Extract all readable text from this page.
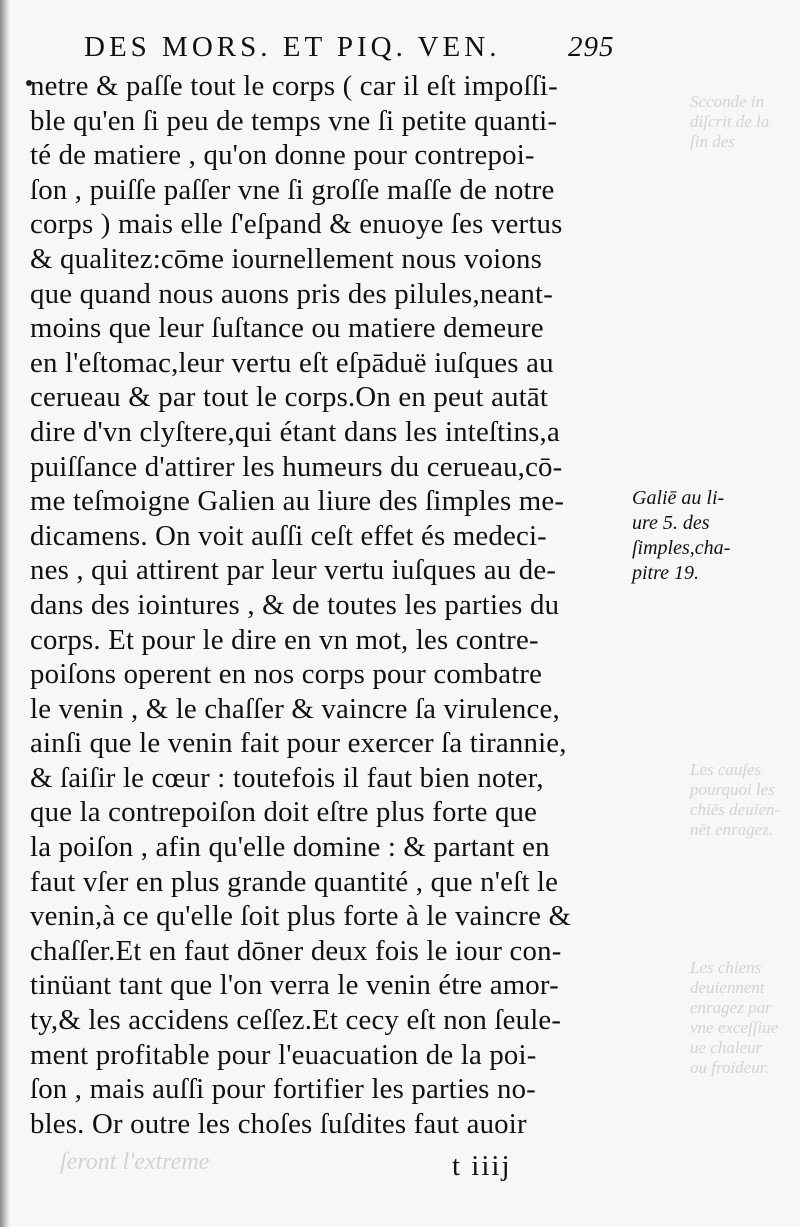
Scconde in
diſcrit de la
ſin des
Les cauſes
pourquoi les
chiēs deuien-
nēt enragez.
Les chiens
deuiennent
enragez par
vne exceſſiue
ue chaleur
ou froideur.
ſeront l'extreme
DES MORS. ET PIQ. VEN. 295
netre & paſſe tout le corps ( car il eſt impoſſi-
ble qu'en ſi peu de temps vne ſi petite quanti-
té de matiere , qu'on donne pour contrepoi-
ſon , puiſſe paſſer vne ſi groſſe maſſe de notre
corps ) mais elle ſ'eſpand & enuoye ſes vertus
& qualitez:cōme iournellement nous voions
que quand nous auons pris des pilules,neant-
moins que leur ſuſtance ou matiere demeure
en l'eſtomac,leur vertu eſt eſpāduë iuſques au
cerueau & par tout le corps.On en peut autāt
dire d'vn clyſtere,qui étant dans les inteſtins,a
puiſſance d'attirer les humeurs du cerueau,cō-
me teſmoigne Galien au liure des ſimples me-
dicamens. On voit auſſi ceſt effet és medeci-
nes , qui attirent par leur vertu iuſques au de-
dans des iointures , & de toutes les parties du
corps. Et pour le dire en vn mot, les contre-
poiſons operent en nos corps pour combatre
le venin , & le chaſſer & vaincre ſa virulence,
ainſi que le venin fait pour exercer ſa tirannie,
& ſaiſir le cœur : toutefois il faut bien noter,
que la contrepoiſon doit eſtre plus forte que
la poiſon , afin qu'elle domine : & partant en
faut vſer en plus grande quantité , que n'eſt le
venin,à ce qu'elle ſoit plus forte à le vaincre &
chaſſer.Et en faut dōner deux fois le iour con-
tinüant tant que l'on verra le venin étre amor-
ty,& les accidens ceſſez.Et cecy eſt non ſeule-
ment profitable pour l'euacuation de la poi-
ſon , mais auſſi pour fortifier les parties no-
bles. Or outre les choſes ſuſdites faut auoir
Galiē au li-
ure 5. des
ſimples,cha-
pitre 19.
t iiij
